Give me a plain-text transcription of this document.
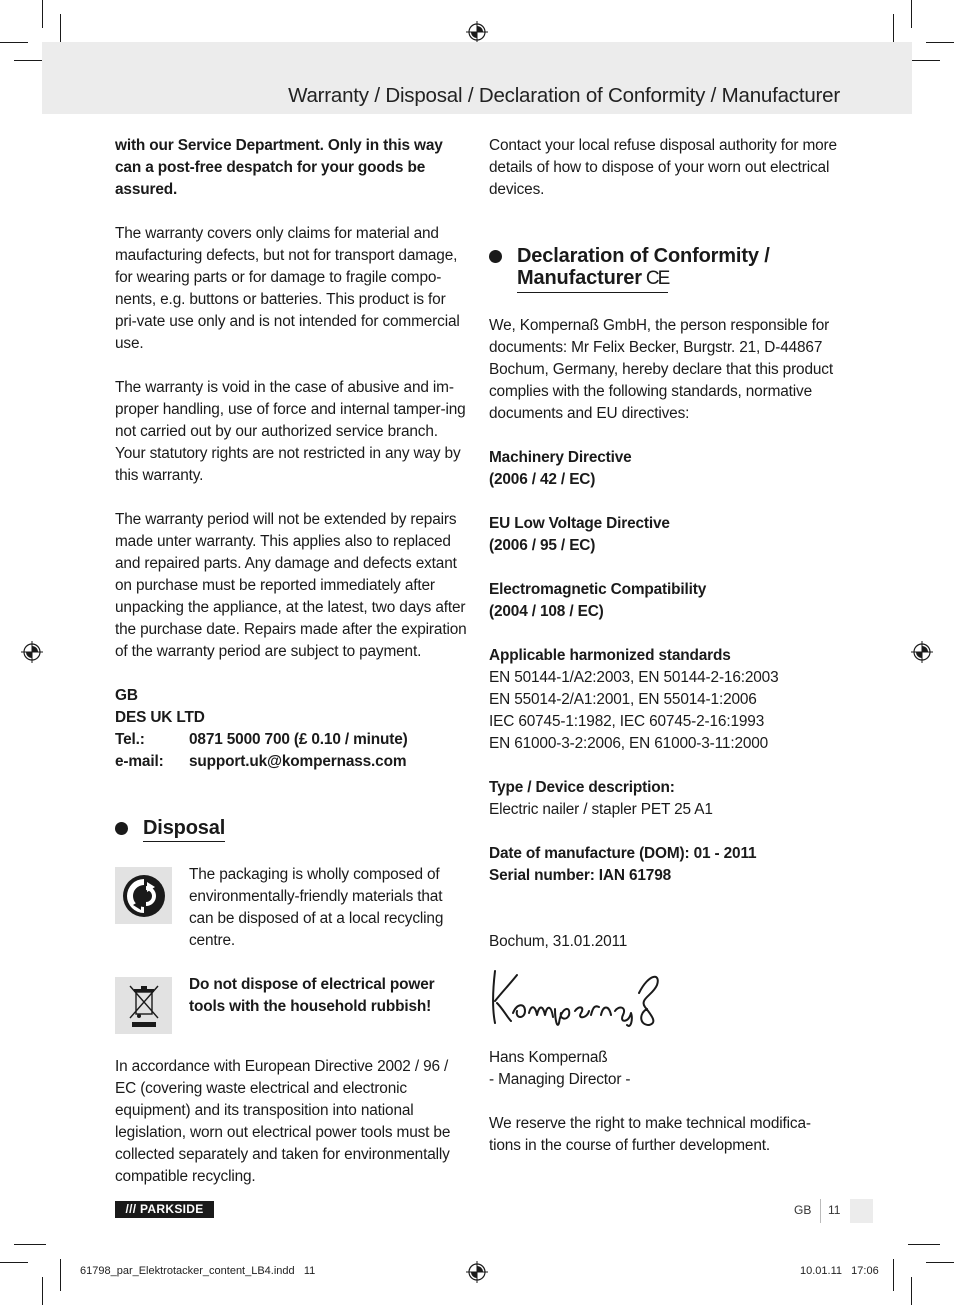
Warranty / Disposal / Declaration of Conformity / Manufacturer

with our Service Department. Only in this way can a post-free despatch for your goods be assured.

The warranty covers only claims for material and maufacturing defects, but not for transport damage, for wearing parts or for damage to fragile compo-nents, e.g. buttons or batteries. This product is for pri-vate use only and is not intended for commercial use.

The warranty is void in the case of abusive and im-proper handling, use of force and internal tamper-ing not carried out by our authorized service branch. Your statutory rights are not restricted in any way by this warranty.

The warranty period will not be extended by repairs made unter warranty. This applies also to replaced and repaired parts. Any damage and defects extant on purchase must be reported immediately after unpacking the appliance, at the latest, two days after the purchase date. Repairs made after the expiration of the warranty period are subject to payment.

GB
DES UK LTD
Tel.:	0871 5000 700 (£ 0.10 / minute)
e-mail:	support.uk@kompernass.com
Disposal
The packaging is wholly composed of environmentally-friendly materials that can be disposed of at a local recycling centre.
Do not dispose of electrical power tools with the household rubbish!

In accordance with European Directive 2002 / 96 / EC (covering waste electrical and electronic equipment) and its transposition into national legislation, worn out electrical power tools must be collected separately and taken for environmentally compatible recycling.

Contact your local refuse disposal authority for more details of how to dispose of your worn out electrical devices.

Declaration of Conformity /
Manufacturer CE

We, Kompernaß GmbH, the person responsible for documents: Mr Felix Becker, Burgstr. 21, D-44867 Bochum, Germany, hereby declare that this product complies with the following standards, normative documents and EU directives:

Machinery Directive
(2006 / 42 / EC)

EU Low Voltage Directive
(2006 / 95 / EC)

Electromagnetic Compatibility
(2004 / 108 / EC)

Applicable harmonized standards
EN 50144-1/A2:2003, EN 50144-2-16:2003
EN 55014-2/A1:2001, EN 55014-1:2006
IEC 60745-1:1982, IEC 60745-2-16:1993
EN 61000-3-2:2006, EN 61000-3-11:2000

Type / Device description:
Electric nailer / stapler PET 25 A1

Date of manufacture (DOM): 01 - 2011
Serial number: IAN 61798

Bochum, 31.01.2011

Hans Kompernaß
- Managing Director -

We reserve the right to make technical modifica-tions in the course of further development.

/// PARKSIDE	GB 11
61798_par_Elektrotacker_content_LB4.indd   11	10.01.11   17:06
